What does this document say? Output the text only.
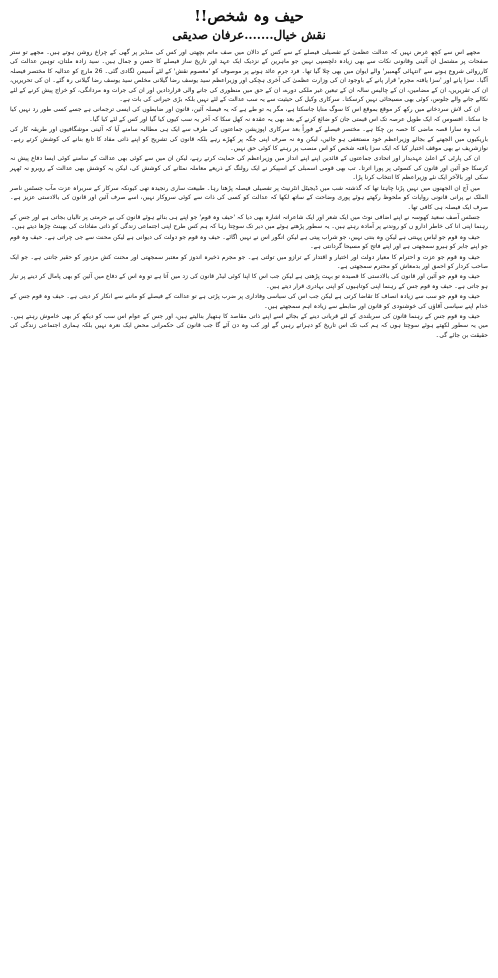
حیف وہ شخص!!
نقش خیال.......عرفان صدیقی

مجھے اس سے کچھ غرض نہیں کہ عدالت عظمیٰ کے تفصیلی فیصلے کے سے کس کے دالان میں صف ماتم بچھتی اور کس کی منڈیر پر گھی کے چراغ روشن ہوتے ہیں۔ مجھے تو ستر صفحات پر مشتمل ان آئینی وقانونی نکات سے بھی زیادہ دلچسپی نہیں جو ماہرین کے نزدیک ایک عہد اور تاریخ ساز فیصلے کا حسن و جمال ہیں۔ سید زادہ ملتان، توہین عدالت کی کارروائی شروع ہونے سے 'انتہائی گھمبیر' والے ایوان میں بھی چلا گیا تھا۔ فرد جرم عائد ہونے پر موصوف کو 'معصوم نقش' کے لئے آسیمن لگادی گئی۔ 26 مارچ کو عدالیہ کا مختصر فیصلہ آگیا۔ سزا پانے اور 'سزا یافتہ مجرم' قرار پانے کے باوجود ان کی وزارت عظمیٰ کی آخری ہچکی اور وزیراعظم سید یوسف رضا گیلانی مخلص سید یوسف رضا گیلانی رہ گئے۔ ان کی تحریریں، ان کی تقریریں، ان کے مضامین، ان کے چالیس سالہ ان کے تبعین غیر ملکی دورے، ان کے حق میں منظوری کی جانے والی قراردادیں اور ان کی جرات وہ مردانگی، کو خراج پیش کرنے کے لئے نکالے جانے والے جلوس، کوئی بھی مسیحائی نہیں کرسکتا۔ سرکاری وکیل کی حیثیت سے یہ سب عدالت کے لئے نہیں بلکہ بڑی حیرانی کی بات ہے۔

ان کی لاش سردخانے میں رکھ کر موقع بموقع اس کا سوگ منایا جاسکتا ہے، مگر یہ تو طے ہے کہ یہ فیصلہ آئین، قانون اور ضابطوں کی ایسی ترجمانی ہے جسے کسی طور رد نہیں کیا جا سکتا۔ افسوس کہ ایک طویل عرصہ تک اس قیمتی جان کو ضائع کرنے کے بعد بھی یہ عقدہ نہ کھل سکا کہ آخر یہ سب کیوں کیا گیا اور کس کے لئے کیا گیا۔

اب وہ سارا قصہ ماضی کا حصہ بن چکا ہے۔ مختصر فیصلے کے فوراً بعد سرکاری اپوزیشن جماعتوں کی طرف سے ایک ہی مطالبہ سامنے آیا کہ آئینی موشگافیوں اور طریقہ کار کی باریکیوں میں الجھنے کے بجائے وزیراعظم خود مستعفی ہو جائیں، لیکن وہ نہ صرف اپنی جگہ پر کھڑے رہے بلکہ قانون کی تشریح کو اپنے ذاتی مفاد کا تابع بنانے کی کوشش کرتے رہے۔ نوازشریف نے بھی موقف اختیار کیا کہ ایک سزا یافتہ شخص کو اس منصب پر رہنے کا کوئی حق نہیں۔

ان کی پارٹی کے اعلیٰ عہدیدار اور اتحادی جماعتوں کے قائدین اپنے اپنے انداز میں وزیراعظم کی حمایت کرتے رہے، لیکن ان میں سے کوئی بھی عدالت کے سامنے کوئی ایسا دفاع پیش نہ کرسکا جو آئین اور قانون کی کسوٹی پر پورا اترتا۔ تب بھی قومی اسمبلی کے اسپیکر نے ایک رولنگ کے ذریعے معاملہ نمٹانے کی کوشش کی، لیکن یہ کوشش بھی عدالت کے روبرو نہ ٹھہر سکی اور بالآخر ایک نئے وزیراعظم کا انتخاب کرنا پڑا۔

میں آج ان الجھنوں میں نہیں پڑنا چاہتا تھا کہ گذشتہ شب میں ڈیجیٹل انٹرنیٹ پر تفصیلی فیصلہ پڑھتا رہا۔ طبیعت ساری رنجیدہ تھی کیونکہ سرکار کے سربراہ عزت مآب جسٹس ناصر الملک نے پرانی قانونی روایات کو ملحوظ رکھتے ہوئے پوری وضاحت کے ساتھ لکھا کہ عدالت کو کسی کی ذات سے کوئی سروکار نہیں، اسے صرف آئین اور قانون کی بالادستی عزیز ہے۔ صرف ایک فیصلہ ہی کافی تھا۔

جسٹس آصف سعید کھوسہ نے اپنے اضافی نوٹ میں ایک شعر اور ایک شاعرانہ اشارہ بھی دیا کہ 'حیف وہ قوم' جو اپنے ہی بنائے ہوئے قانون کی بے حرمتی پر تالیاں بجاتی ہے اور جس کے رہنما اپنی انا کی خاطر ادارو ں کو روندنے پر آمادہ رہتے ہیں۔ یہ سطور پڑھتے ہوئے میں دیر تک سوچتا رہا کہ ہم کس طرح اپنی اجتماعی زندگی کو ذاتی مفادات کی بھینٹ چڑھا دیتے ہیں۔

حیف وہ قوم جو لباس پہنتی ہے لیکن وہ بنتی نہیں، جو شراب پیتی ہے لیکن انگور اس نے نہیں اگائے۔ حیف وہ قوم جو دولت کی دیوانی ہے لیکن محنت سے جی چراتی ہے۔ حیف وہ قوم جو اپنے جابر کو ہیرو سمجھتی ہے اور اپنے فاتح کو مسیحا گردانتی ہے۔

حیف وہ قوم جو عزت و احترام کا معیار دولت اور اختیار و اقتدار کے ترازو میں تولتی ہے۔ جو مجرم ذخیرہ اندوز کو معتبر سمجھتی اور محنت کش مزدور کو حقیر جانتی ہے۔ جو ایک صاحب کردار کو احمق اور بدمعاش کو محترم سمجھتی ہے۔

حیف وہ قوم جو آئین اور قانون کی بالادستی کا قصیدہ تو بہت پڑھتی ہے لیکن جب اس کا اپنا کوئی لیڈر قانون کی زد میں آتا ہے تو وہ اس کے دفاع میں آئین کو بھی پامال کر دینے پر تیار ہو جاتی ہے۔ حیف وہ قوم جس کے رہنما اپنی کوتاہیوں کو اپنی بہادری قرار دیتے ہیں۔

حیف وہ قوم جو سب سے زیادہ انصاف کا تقاضا کرتی ہے لیکن جب اس کی سیاسی وفاداری پر ضرب پڑتی ہے تو عدالت کے فیصلے کو ماننے سے انکار کر دیتی ہے۔ حیف وہ قوم جس کے خدام اپنے سیاسی آقاؤں کی خوشنودی کو قانون اور ضابطے سے زیادہ اہم سمجھتے ہیں۔

حیف وہ قوم جس کے رہنما قانون کی سربلندی کے لئے قربانی دینے کے بجائے اسے اپنے ذاتی مقاصد کا ہتھیار بنالیتے ہیں، اور جس کے عوام اس سب کو دیکھ کر بھی خاموش رہتے ہیں۔ میں یہ سطور لکھتے ہوئے سوچتا ہوں کہ ہم کب تک اس تاریخ کو دہراتے رہیں گے اور کب وہ دن آئے گا جب قانون کی حکمرانی محض ایک نعرہ نہیں بلکہ ہماری اجتماعی زندگی کی حقیقت بن جائے گی۔
